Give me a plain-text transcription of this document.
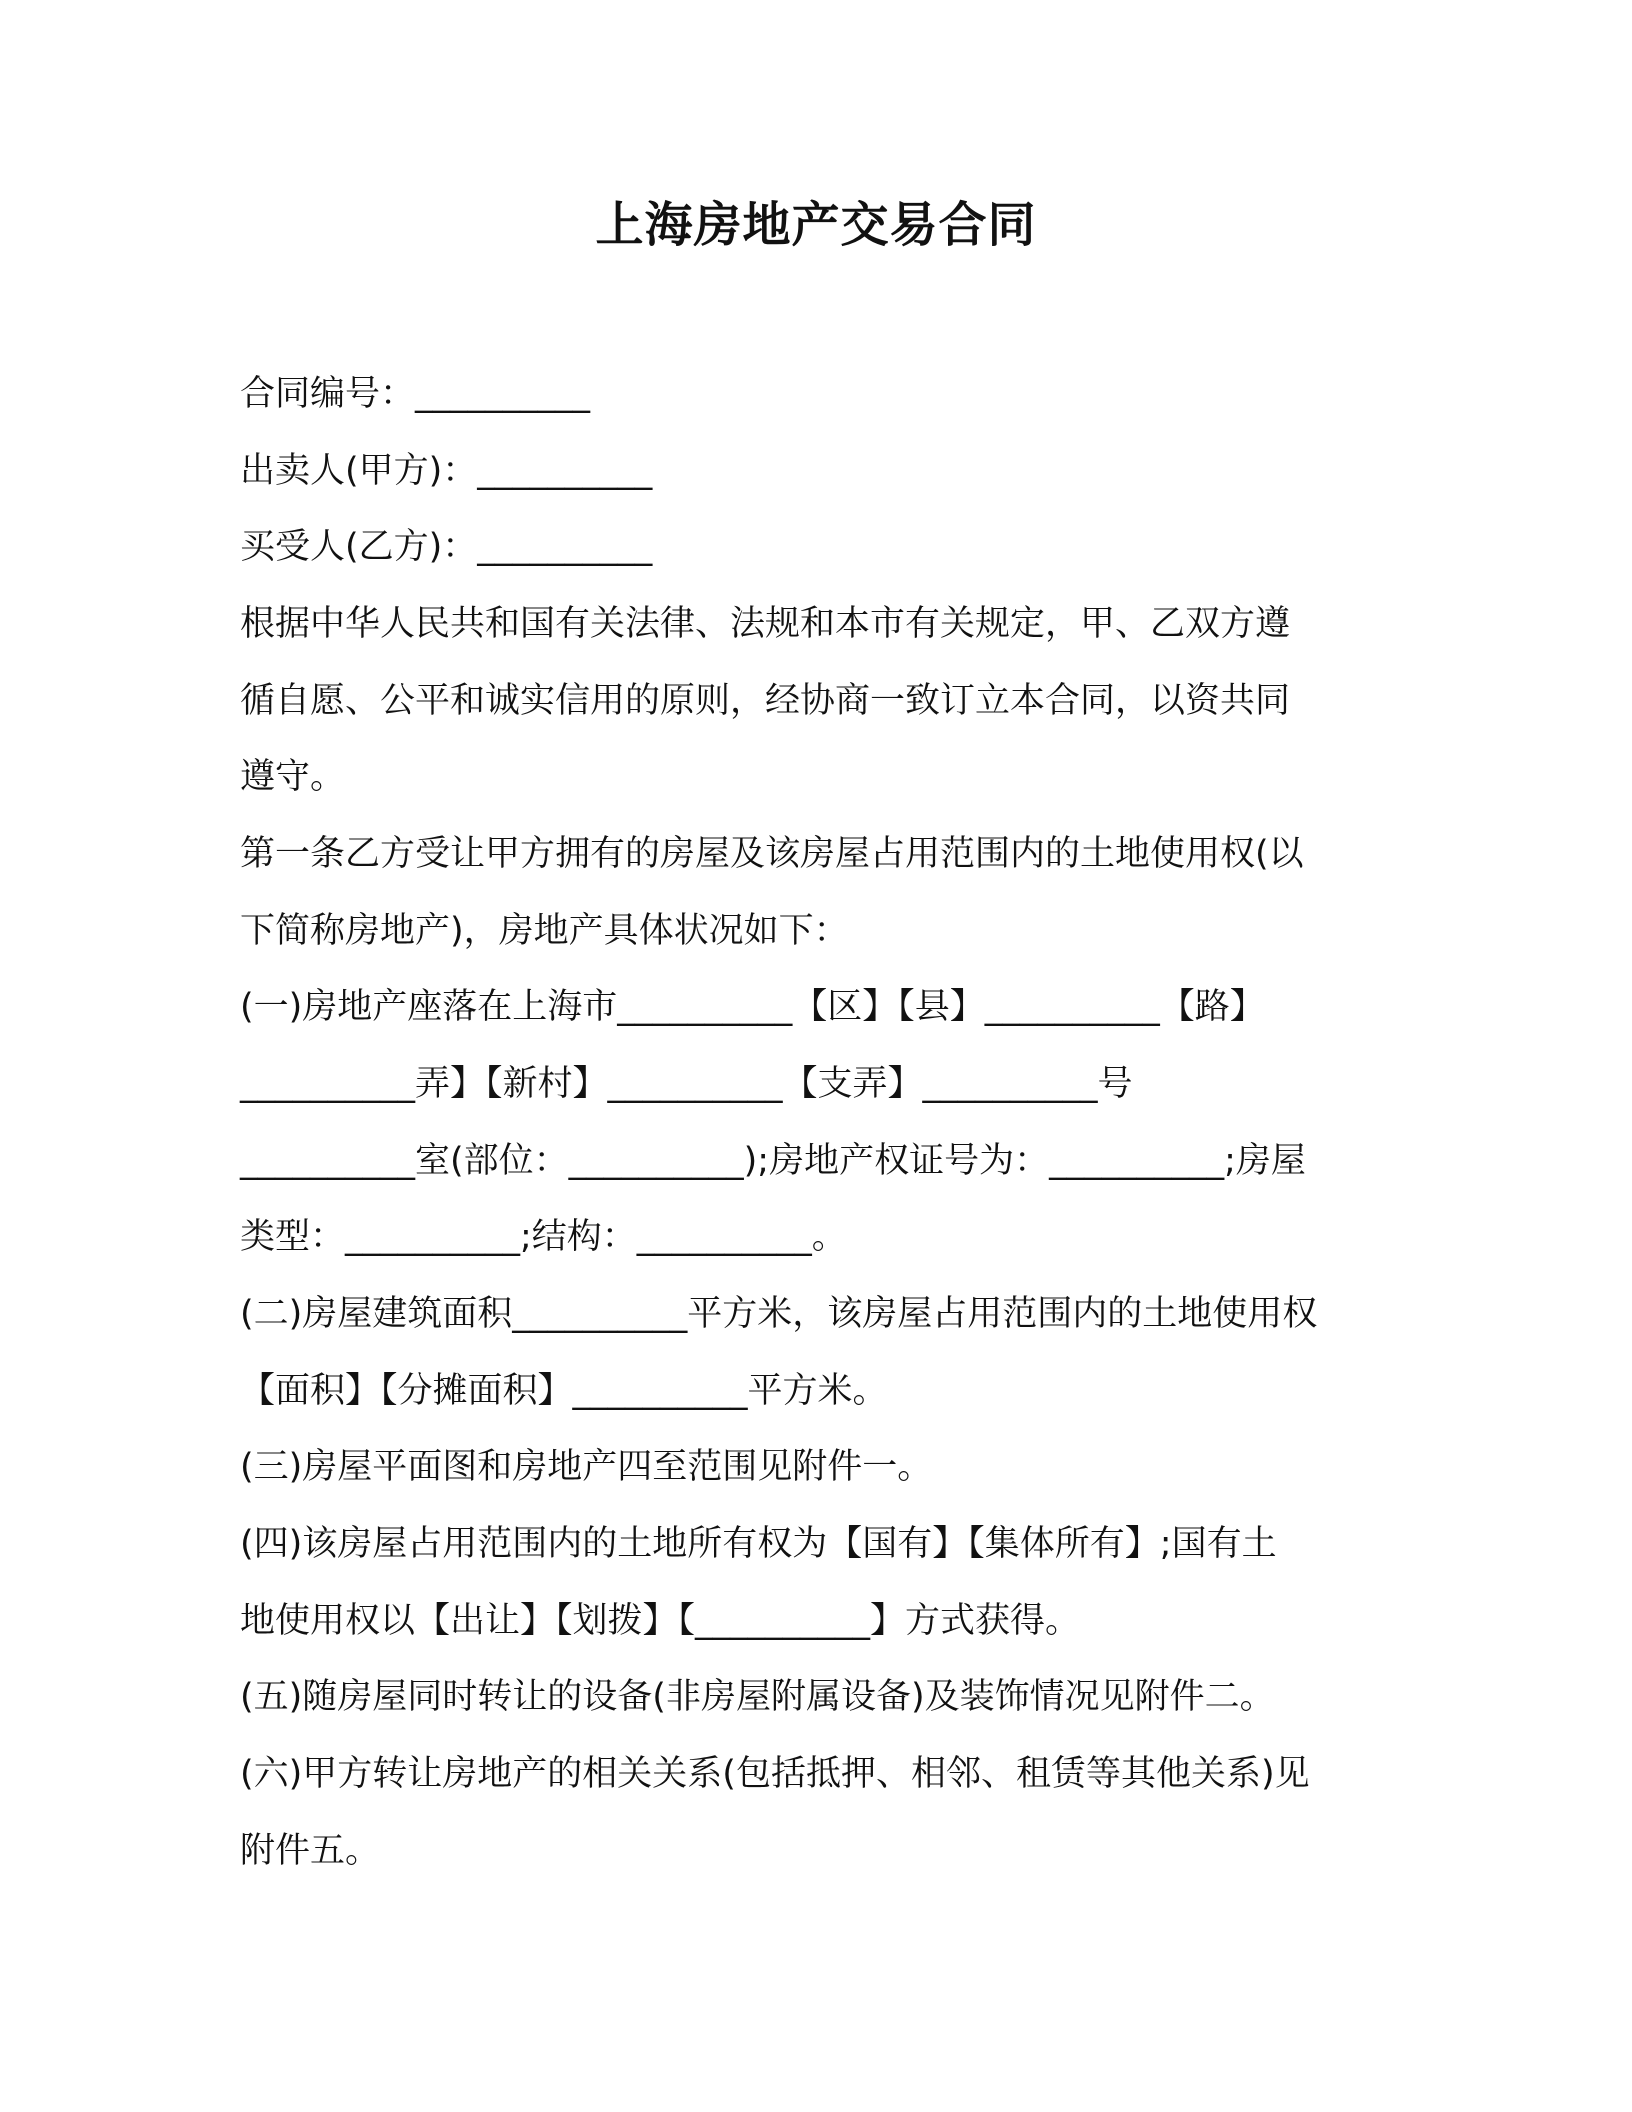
上海房地产交易合同
合同编号：__________
出卖人(甲方)：__________
买受人(乙方)：__________
根据中华人民共和国有关法律、法规和本市有关规定，甲、乙双方遵
循自愿、公平和诚实信用的原则，经协商一致订立本合同，以资共同
遵守。
第一条乙方受让甲方拥有的房屋及该房屋占用范围内的土地使用权(以
下简称房地产)，房地产具体状况如下：
(一)房地产座落在上海市__________【区】【县】__________【路】
__________弄】【新村】__________【支弄】__________号
__________室(部位：__________);房地产权证号为：__________;房屋
类型：__________;结构：__________。
(二)房屋建筑面积__________平方米，该房屋占用范围内的土地使用权
【面积】【分摊面积】__________平方米。
(三)房屋平面图和房地产四至范围见附件一。
(四)该房屋占用范围内的土地所有权为【国有】【集体所有】;国有土
地使用权以【出让】【划拨】【__________】方式获得。
(五)随房屋同时转让的设备(非房屋附属设备)及装饰情况见附件二。
(六)甲方转让房地产的相关关系(包括抵押、相邻、租赁等其他关系)见
附件五。
